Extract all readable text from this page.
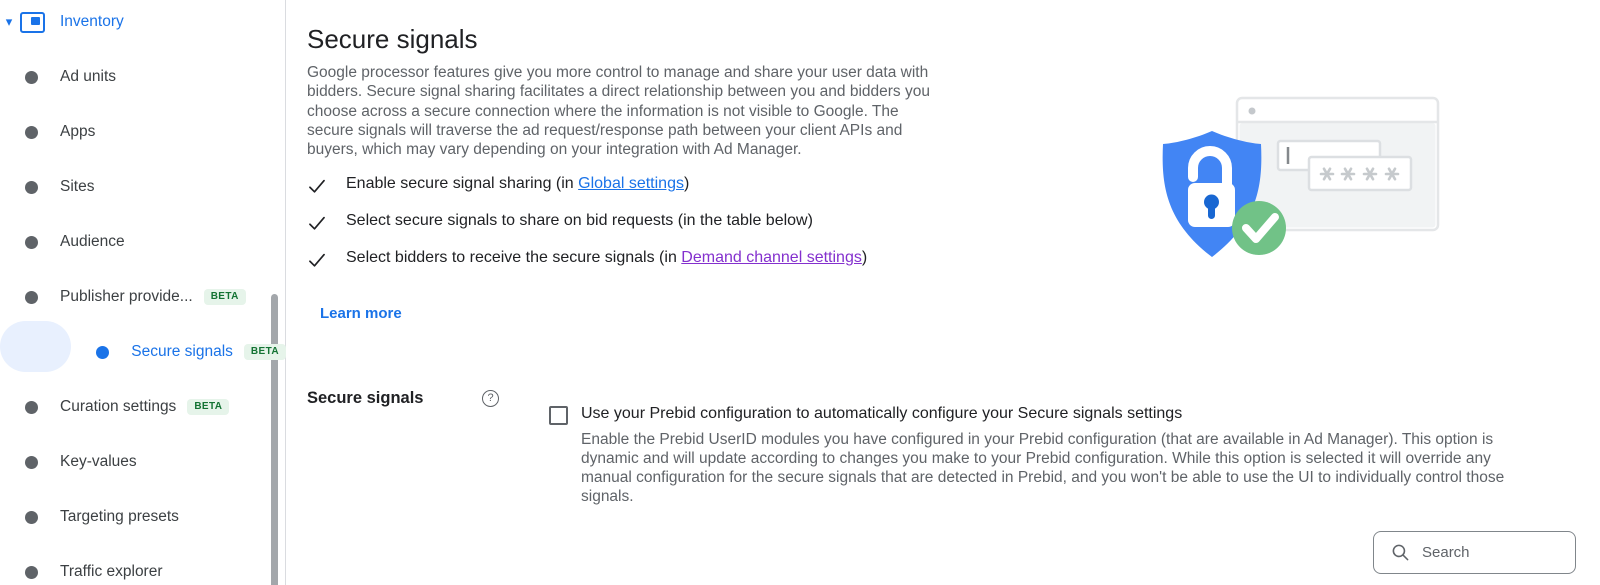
▾	Inventory
Ad units
Apps
Sites
Audience
Publisher provide...	BETA
Secure signals	BETA
Curation settings	BETA
Key-values
Targeting presets
Traffic explorer
Secure signals

Google processor features give you more control to manage and share your user data with bidders. Secure signal sharing facilitates a direct relationship between you and bidders you choose across a secure connection where the information is not visible to Google. The secure signals will traverse the ad request/response path between your client APIs and buyers, which may vary depending on your integration with Ad Manager.

Enable secure signal sharing (in Global settings)
Select secure signals to share on bid requests (in the table below)
Select bidders to receive the secure signals (in Demand channel settings)
Learn more
Secure signals	?
Use your Prebid configuration to automatically configure your Secure signals settings

Enable the Prebid UserID modules you have configured in your Prebid configuration (that are available in Ad Manager). This option is dynamic and will update according to changes you make to your Prebid configuration. While this option is selected it will override any manual configuration for the secure signals that are detected in Prebid, and you won't be able to use the UI to individually control those signals.

Search
